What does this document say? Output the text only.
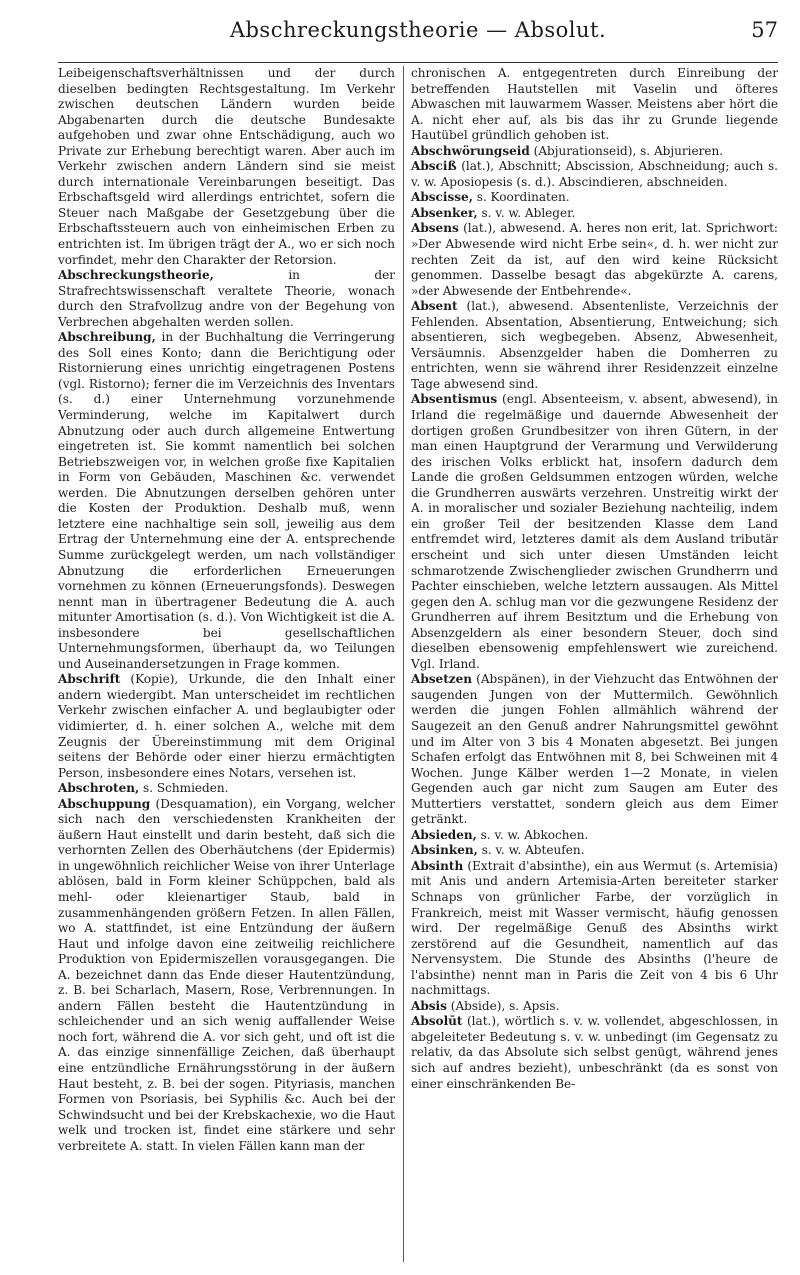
Abschreckungstheorie — Absolut.	57

Leibeigenschaftsverhältnissen und der durch dieselben bedingten Rechtsgestaltung. Im Verkehr zwischen deutschen Ländern wurden beide Abgabenarten durch die deutsche Bundesakte aufgehoben und zwar ohne Entschädigung, auch wo Private zur Erhebung berechtigt waren. Aber auch im Verkehr zwischen andern Ländern sind sie meist durch internationale Vereinbarungen beseitigt. Das Erbschaftsgeld wird allerdings entrichtet, sofern die Steuer nach Maßgabe der Gesetzgebung über die Erbschaftssteuern auch von einheimischen Erben zu entrichten ist. Im übrigen trägt der A., wo er sich noch vorfindet, mehr den Charakter der Retorsion.

Abschreckungstheorie, in der Strafrechtswissenschaft veraltete Theorie, wonach durch den Strafvollzug andre von der Begehung von Verbrechen abgehalten werden sollen.

Abschreibung, in der Buchhaltung die Verringerung des Soll eines Konto; dann die Berichtigung oder Ristornierung eines unrichtig eingetragenen Postens (vgl. Ristorno); ferner die im Verzeichnis des Inventars (s. d.) einer Unternehmung vorzunehmende Verminderung, welche im Kapitalwert durch Abnutzung oder auch durch allgemeine Entwertung eingetreten ist. Sie kommt namentlich bei solchen Betriebszweigen vor, in welchen große fixe Kapitalien in Form von Gebäuden, Maschinen &c. verwendet werden. Die Abnutzungen derselben gehören unter die Kosten der Produktion. Deshalb muß, wenn letztere eine nachhaltige sein soll, jeweilig aus dem Ertrag der Unternehmung eine der A. entsprechende Summe zurückgelegt werden, um nach vollständiger Abnutzung die erforderlichen Erneuerungen vornehmen zu können (Erneuerungsfonds). Deswegen nennt man in übertragener Bedeutung die A. auch mitunter Amortisation (s. d.). Von Wichtigkeit ist die A. insbesondere bei gesellschaftlichen Unternehmungsformen, überhaupt da, wo Teilungen und Auseinandersetzungen in Frage kommen.

Abschrift (Kopie), Urkunde, die den Inhalt einer andern wiedergibt. Man unterscheidet im rechtlichen Verkehr zwischen einfacher A. und beglaubigter oder vidimierter, d. h. einer solchen A., welche mit dem Zeugnis der Übereinstimmung mit dem Original seitens der Behörde oder einer hierzu ermächtigten Person, insbesondere eines Notars, versehen ist.

Abschroten, s. Schmieden.

Abschuppung (Desquamation), ein Vorgang, welcher sich nach den verschiedensten Krankheiten der äußern Haut einstellt und darin besteht, daß sich die verhornten Zellen des Oberhäutchens (der Epidermis) in ungewöhnlich reichlicher Weise von ihrer Unterlage ablösen, bald in Form kleiner Schüppchen, bald als mehl- oder kleienartiger Staub, bald in zusammenhängenden größern Fetzen. In allen Fällen, wo A. stattfindet, ist eine Entzündung der äußern Haut und infolge davon eine zeitweilig reichlichere Produktion von Epidermiszellen vorausgegangen. Die A. bezeichnet dann das Ende dieser Hautentzündung, z. B. bei Scharlach, Masern, Rose, Verbrennungen. In andern Fällen besteht die Hautentzündung in schleichender und an sich wenig auffallender Weise noch fort, während die A. vor sich geht, und oft ist die A. das einzige sinnenfällige Zeichen, daß überhaupt eine entzündliche Ernährungsstörung in der äußern Haut besteht, z. B. bei der sogen. Pityriasis, manchen Formen von Psoriasis, bei Syphilis &c. Auch bei der Schwindsucht und bei der Krebskachexie, wo die Haut welk und trocken ist, findet eine stärkere und sehr verbreitete A. statt. In vielen Fällen kann man der

chronischen A. entgegentreten durch Einreibung der betreffenden Hautstellen mit Vaselin und öfteres Abwaschen mit lauwarmem Wasser. Meistens aber hört die A. nicht eher auf, als bis das ihr zu Grunde liegende Hautübel gründlich gehoben ist.

Abschwörungseid (Abjurationseid), s. Abjurieren.

Absciß (lat.), Abschnitt; Abscission, Abschneidung; auch s. v. w. Aposiopesis (s. d.). Abscindieren, abschneiden.

Abscisse, s. Koordinaten.

Absenker, s. v. w. Ableger.

Absens (lat.), abwesend. A. heres non erit, lat. Sprichwort: »Der Abwesende wird nicht Erbe sein«, d. h. wer nicht zur rechten Zeit da ist, auf den wird keine Rücksicht genommen. Dasselbe besagt das abgekürzte A. carens, »der Abwesende der Entbehrende«.

Absent (lat.), abwesend. Absentenliste, Verzeichnis der Fehlenden. Absentation, Absentierung, Entweichung; sich absentieren, sich wegbegeben. Absenz, Abwesenheit, Versäumnis. Absenzgelder haben die Domherren zu entrichten, wenn sie während ihrer Residenzzeit einzelne Tage abwesend sind.

Absentismus (engl. Absenteeism, v. absent, abwesend), in Irland die regelmäßige und dauernde Abwesenheit der dortigen großen Grundbesitzer von ihren Gütern, in der man einen Hauptgrund der Verarmung und Verwilderung des irischen Volks erblickt hat, insofern dadurch dem Lande die großen Geldsummen entzogen würden, welche die Grundherren auswärts verzehren. Unstreitig wirkt der A. in moralischer und sozialer Beziehung nachteilig, indem ein großer Teil der besitzenden Klasse dem Land entfremdet wird, letzteres damit als dem Ausland tributär erscheint und sich unter diesen Umständen leicht schmarotzende Zwischenglieder zwischen Grundherrn und Pachter einschieben, welche letztern aussaugen. Als Mittel gegen den A. schlug man vor die gezwungene Residenz der Grundherren auf ihrem Besitztum und die Erhebung von Absenzgeldern als einer besondern Steuer, doch sind dieselben ebensowenig empfehlenswert wie zureichend. Vgl. Irland.

Absetzen (Abspänen), in der Viehzucht das Entwöhnen der saugenden Jungen von der Muttermilch. Gewöhnlich werden die jungen Fohlen allmählich während der Saugezeit an den Genuß andrer Nahrungsmittel gewöhnt und im Alter von 3 bis 4 Monaten abgesetzt. Bei jungen Schafen erfolgt das Entwöhnen mit 8, bei Schweinen mit 4 Wochen. Junge Kälber werden 1—2 Monate, in vielen Gegenden auch gar nicht zum Saugen am Euter des Muttertiers verstattet, sondern gleich aus dem Eimer getränkt.

Absieden, s. v. w. Abkochen.

Absinken, s. v. w. Abteufen.

Absinth (Extrait d'absinthe), ein aus Wermut (s. Artemisia) mit Anis und andern Artemisia-Arten bereiteter starker Schnaps von grünlicher Farbe, der vorzüglich in Frankreich, meist mit Wasser vermischt, häufig genossen wird. Der regelmäßige Genuß des Absinths wirkt zerstörend auf die Gesundheit, namentlich auf das Nervensystem. Die Stunde des Absinths (l'heure de l'absinthe) nennt man in Paris die Zeit von 4 bis 6 Uhr nachmittags.

Absis (Abside), s. Apsis.

Absolūt (lat.), wörtlich s. v. w. vollendet, abgeschlossen, in abgeleiteter Bedeutung s. v. w. unbedingt (im Gegensatz zu relativ, da das Absolute sich selbst genügt, während jenes sich auf andres bezieht), unbeschränkt (da es sonst von einer einschränkenden Be-
